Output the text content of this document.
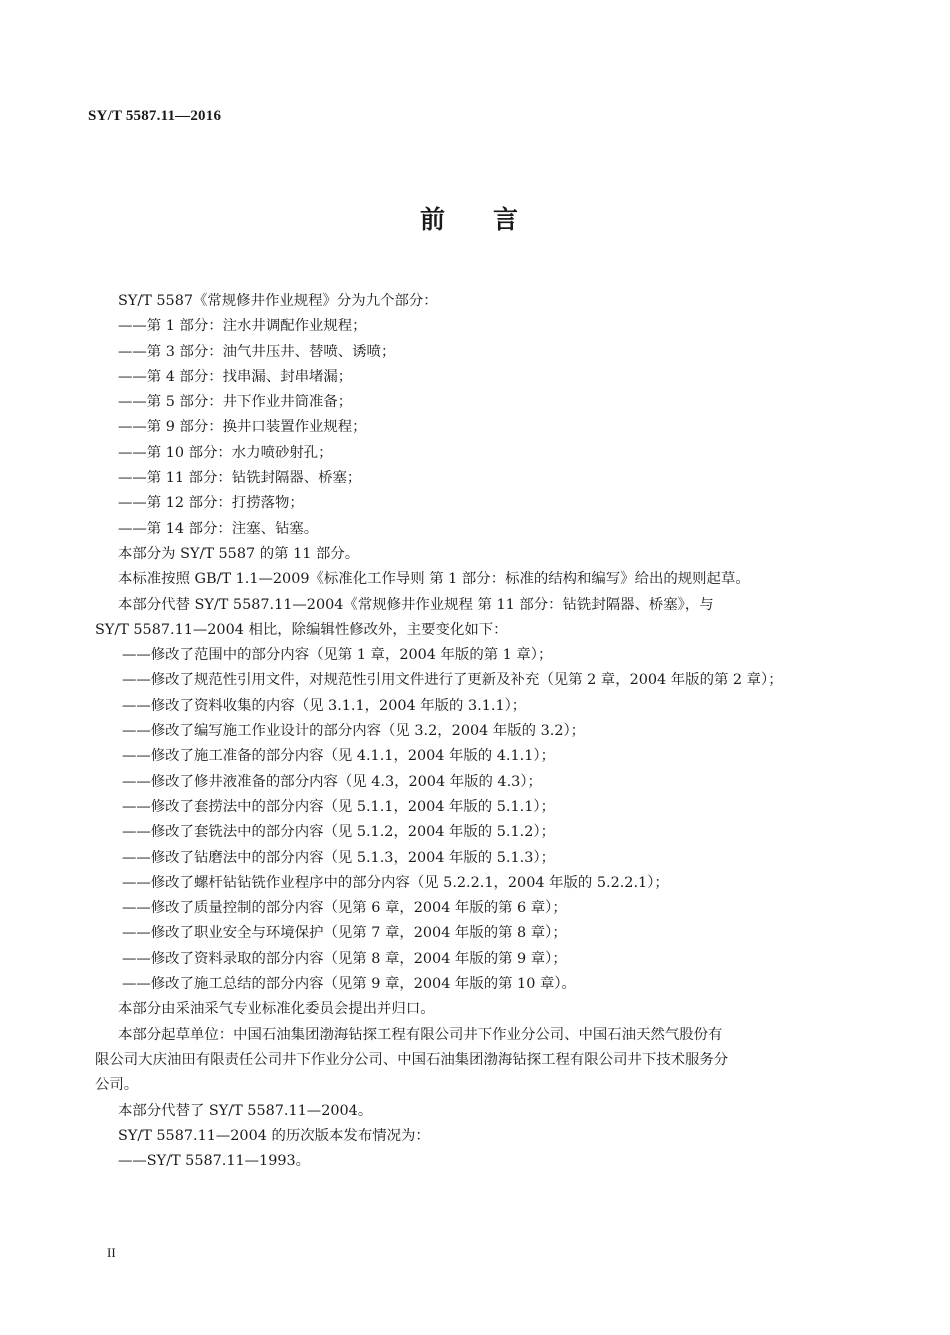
SY/T 5587.11—2016
前言

SY/T 5587《常规修井作业规程》分为九个部分：

——第 1 部分：注水井调配作业规程；

——第 3 部分：油气井压井、替喷、诱喷；

——第 4 部分：找串漏、封串堵漏；

——第 5 部分：井下作业井筒准备；

——第 9 部分：换井口装置作业规程；

——第 10 部分：水力喷砂射孔；

——第 11 部分：钻铣封隔器、桥塞；

——第 12 部分：打捞落物；

——第 14 部分：注塞、钻塞。

本部分为 SY/T 5587 的第 11 部分。

本标准按照 GB/T 1.1—2009《标准化工作导则 第 1 部分：标准的结构和编写》给出的规则起草。

本部分代替 SY/T 5587.11—2004《常规修井作业规程 第 11 部分：钻铣封隔器、桥塞》，与

SY/T 5587.11—2004 相比，除编辑性修改外，主要变化如下：

——修改了范围中的部分内容（见第 1 章，2004 年版的第 1 章）；

——修改了规范性引用文件，对规范性引用文件进行了更新及补充（见第 2 章，2004 年版的第 2 章）；

——修改了资料收集的内容（见 3.1.1，2004 年版的 3.1.1）；

——修改了编写施工作业设计的部分内容（见 3.2，2004 年版的 3.2）；

——修改了施工准备的部分内容（见 4.1.1，2004 年版的 4.1.1）；

——修改了修井液准备的部分内容（见 4.3，2004 年版的 4.3）；

——修改了套捞法中的部分内容（见 5.1.1，2004 年版的 5.1.1）；

——修改了套铣法中的部分内容（见 5.1.2，2004 年版的 5.1.2）；

——修改了钻磨法中的部分内容（见 5.1.3，2004 年版的 5.1.3）；

——修改了螺杆钻钻铣作业程序中的部分内容（见 5.2.2.1，2004 年版的 5.2.2.1）；

——修改了质量控制的部分内容（见第 6 章，2004 年版的第 6 章）；

——修改了职业安全与环境保护（见第 7 章，2004 年版的第 8 章）；

——修改了资料录取的部分内容（见第 8 章，2004 年版的第 9 章）；

——修改了施工总结的部分内容（见第 9 章，2004 年版的第 10 章）。

本部分由采油采气专业标准化委员会提出并归口。

本部分起草单位：中国石油集团渤海钻探工程有限公司井下作业分公司、中国石油天然气股份有

限公司大庆油田有限责任公司井下作业分公司、中国石油集团渤海钻探工程有限公司井下技术服务分

公司。

本部分代替了 SY/T 5587.11—2004。

SY/T 5587.11—2004 的历次版本发布情况为：

——SY/T 5587.11—1993。

II
